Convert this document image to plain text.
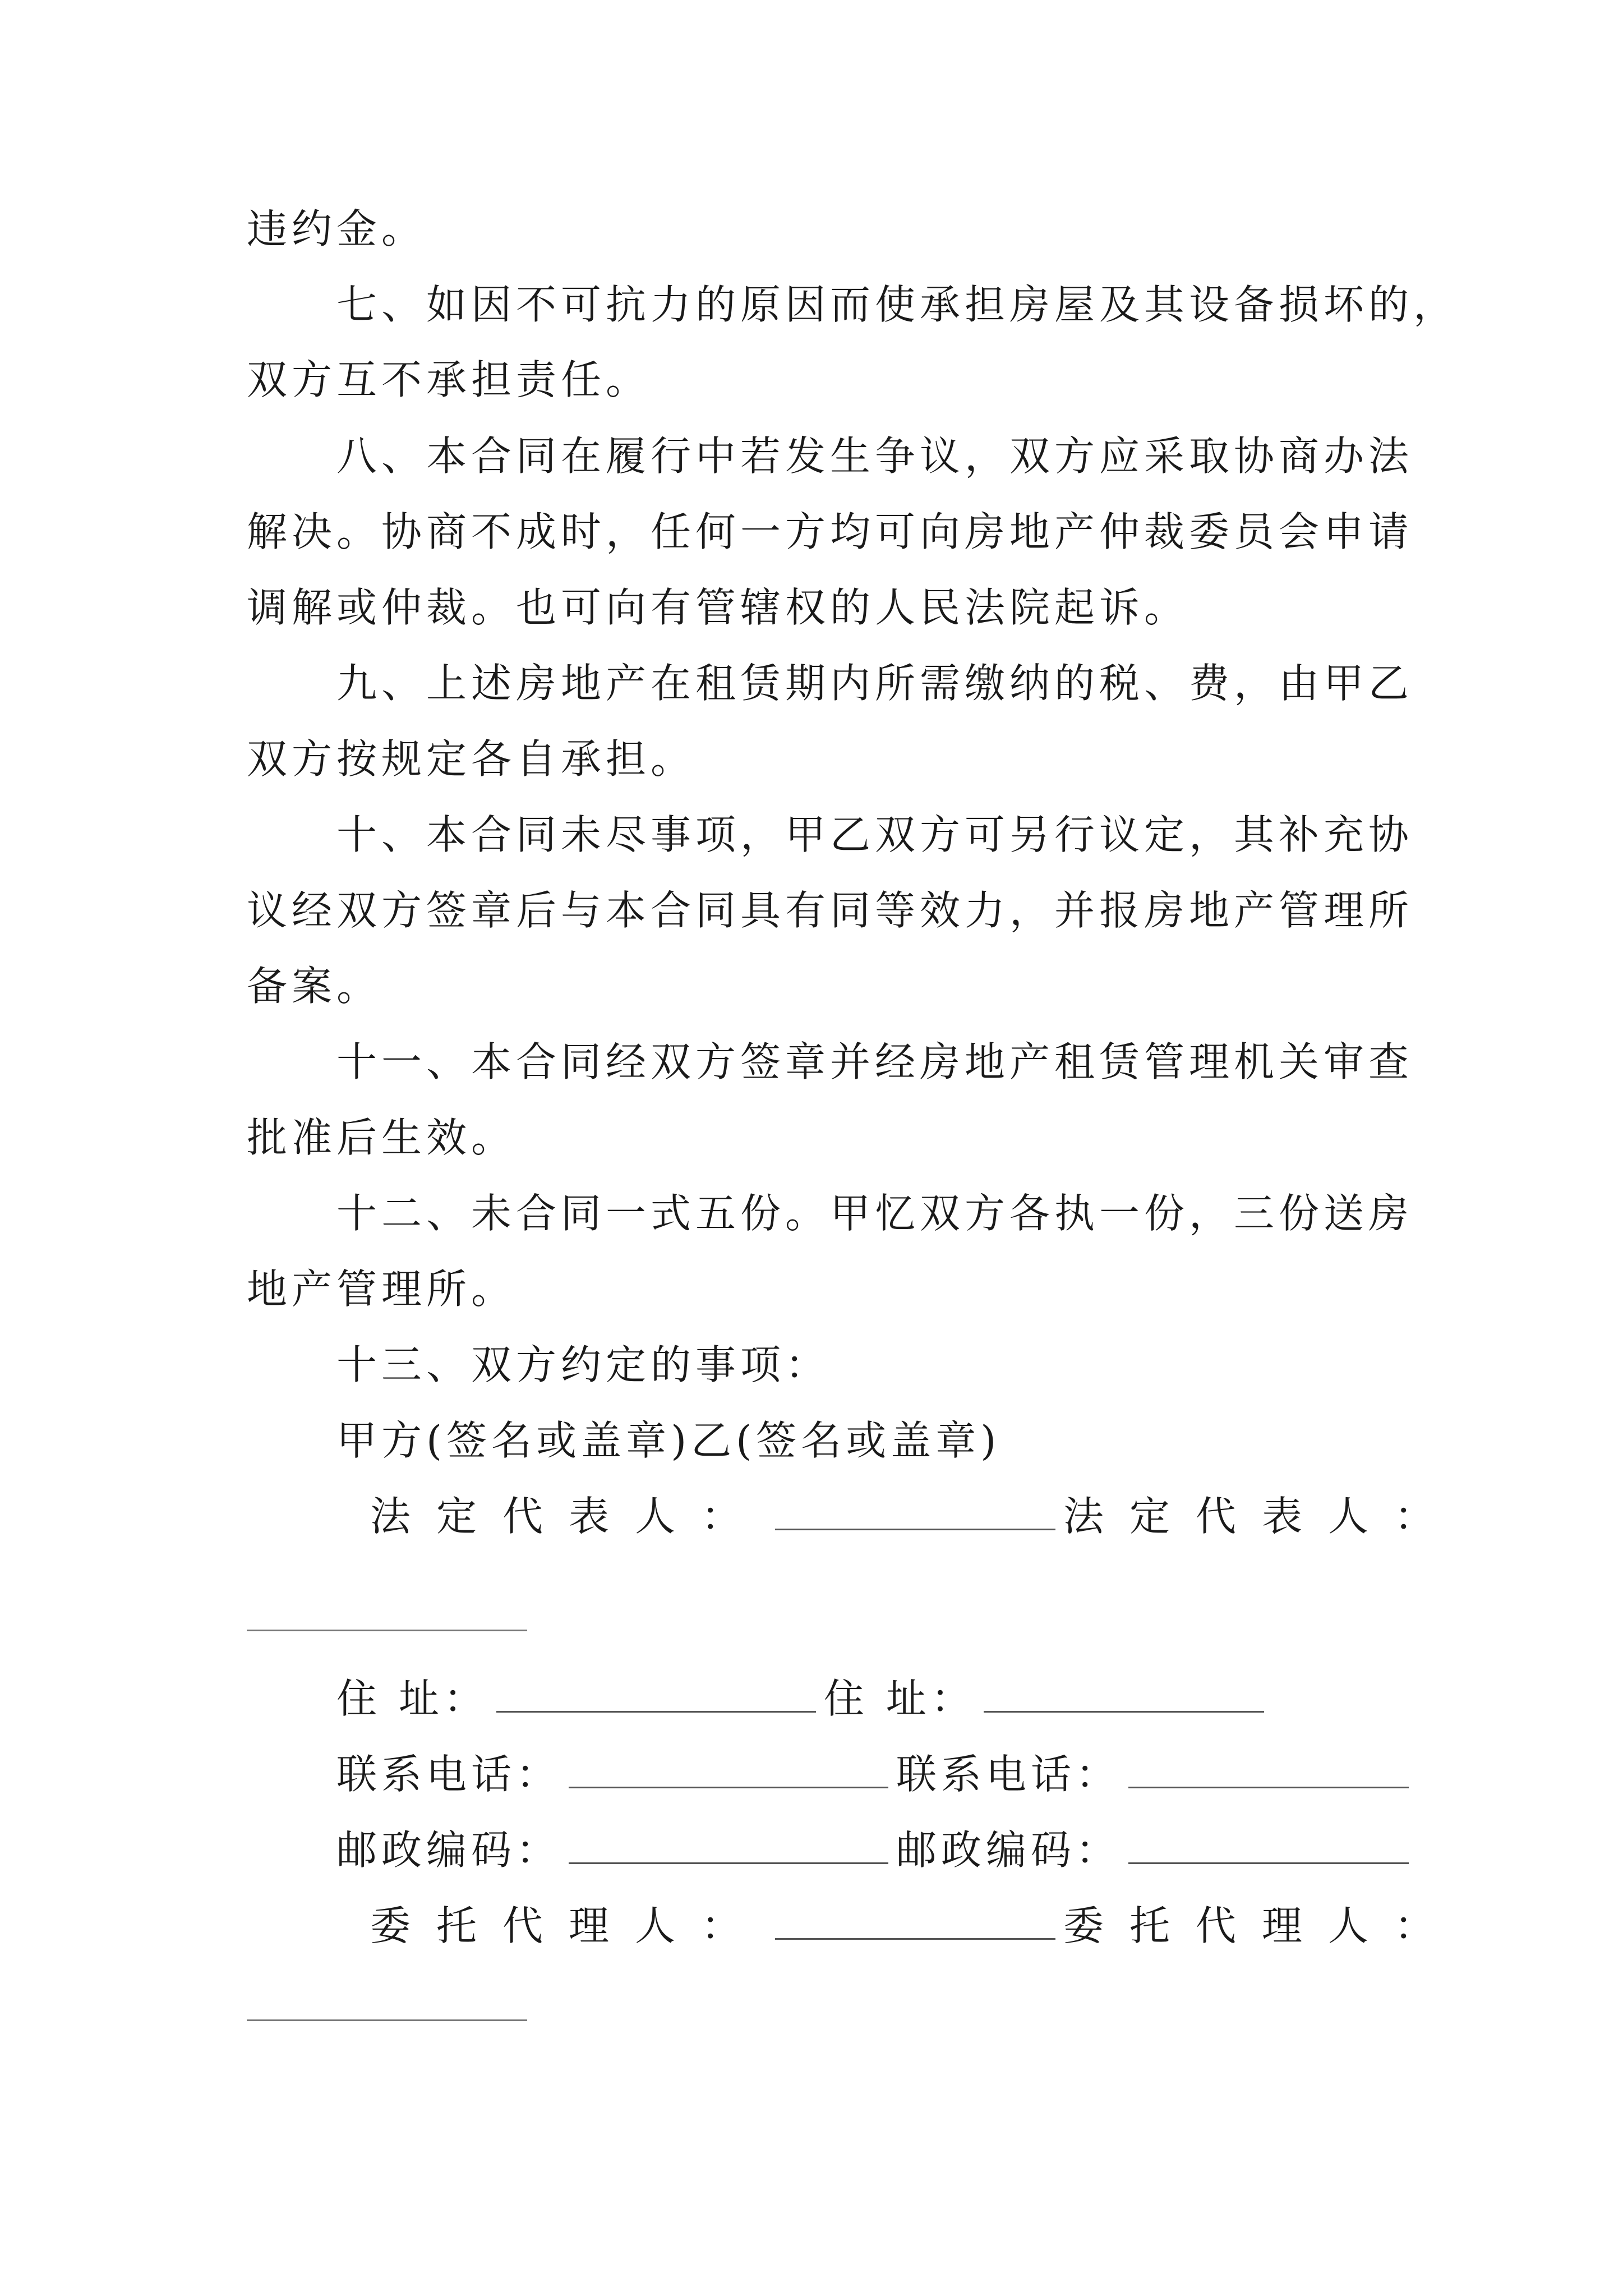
违约金。
七、如因不可抗力的原因而使承担房屋及其设备损坏的，
双方互不承担责任。
八、本合同在履行中若发生争议，双方应采取协商办法
解决。协商不成时，任何一方均可向房地产仲裁委员会申请
调解或仲裁。也可向有管辖权的人民法院起诉。
九、上述房地产在租赁期内所需缴纳的税、费，由甲乙
双方按规定各自承担。
十、本合同未尽事项，甲乙双方可另行议定，其补充协
议经双方签章后与本合同具有同等效力，并报房地产管理所
备案。
十一、本合同经双方签章并经房地产租赁管理机关审查
批准后生效。
十二、未合同一式五份。甲忆双方各执一份，三份送房
地产管理所。
十三、双方约定的事项：
甲方(签名或盖章)乙(签名或盖章)
法定代表人：	法定代表人：
住 址：	住 址：
联系电话：	联系电话：
邮政编码：	邮政编码：
委托代理人：	委托代理人：
